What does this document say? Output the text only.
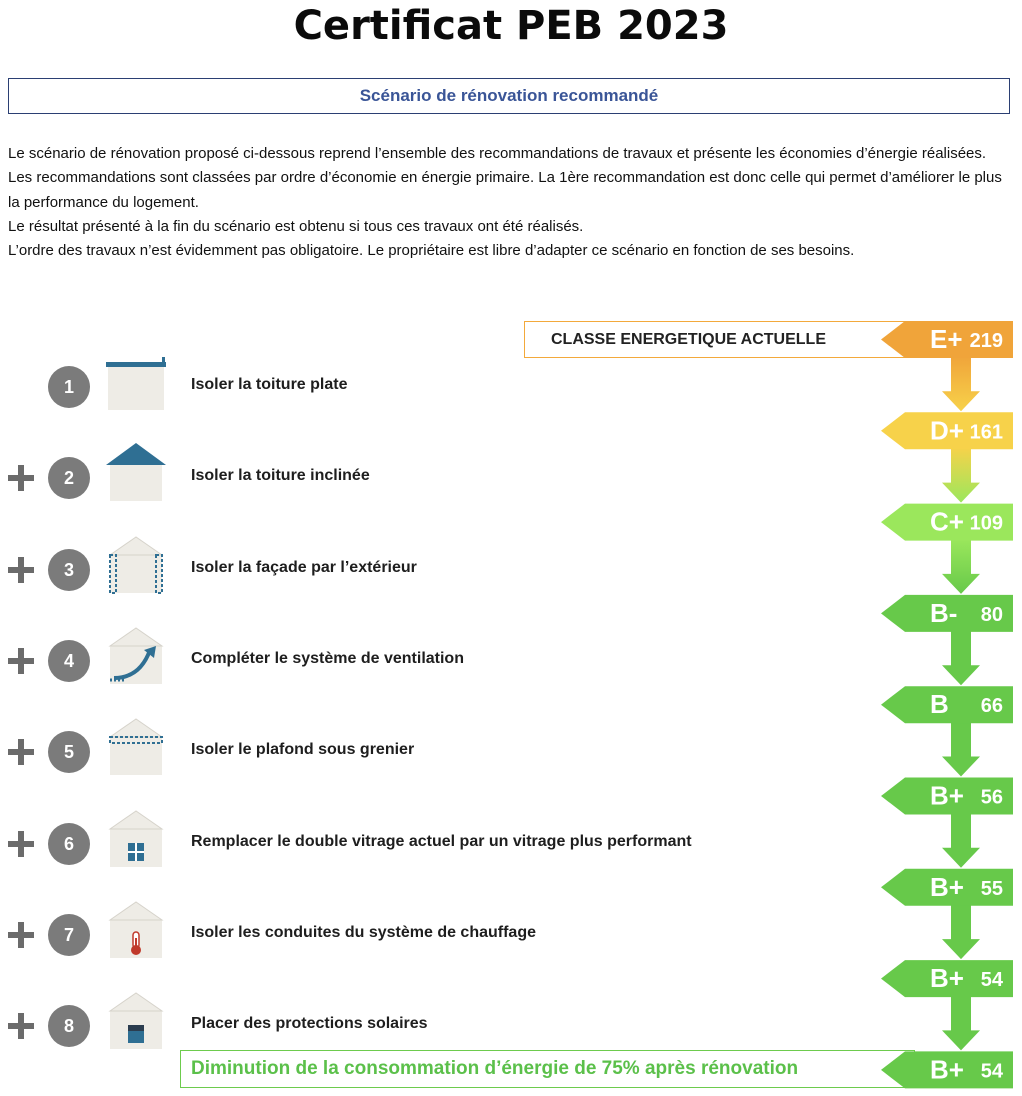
Certificat PEB 2023
Scénario de rénovation recommandé

Le scénario de rénovation proposé ci-dessous reprend l’ensemble des recommandations de travaux et présente les économies d’énergie réalisées.

Les recommandations sont classées par ordre d’économie en énergie primaire. La 1ère recommandation est donc celle qui permet d’améliorer le plus la performance du logement.

Le résultat présenté à la fin du scénario est obtenu si tous ces travaux ont été réalisés.

L’ordre des travaux n’est évidemment pas obligatoire. Le propriétaire est libre d’adapter ce scénario en fonction de ses besoins.

CLASSE ENERGETIQUE ACTUELLE
Diminution de la consommation d’énergie de 75% après rénovation
E+ 219
D+ 161
C+ 109
B- 80
B 66
B+ 56
B+ 55
B+ 54
B+ 54
1	Isoler la toiture plate
2	Isoler la toiture inclinée
3	Isoler la façade par l’extérieur
4	Compléter le système de ventilation
5	Isoler le plafond sous grenier
6	Remplacer le double vitrage actuel par un vitrage plus performant
7	Isoler les conduites du système de chauffage
8	Placer des protections solaires
